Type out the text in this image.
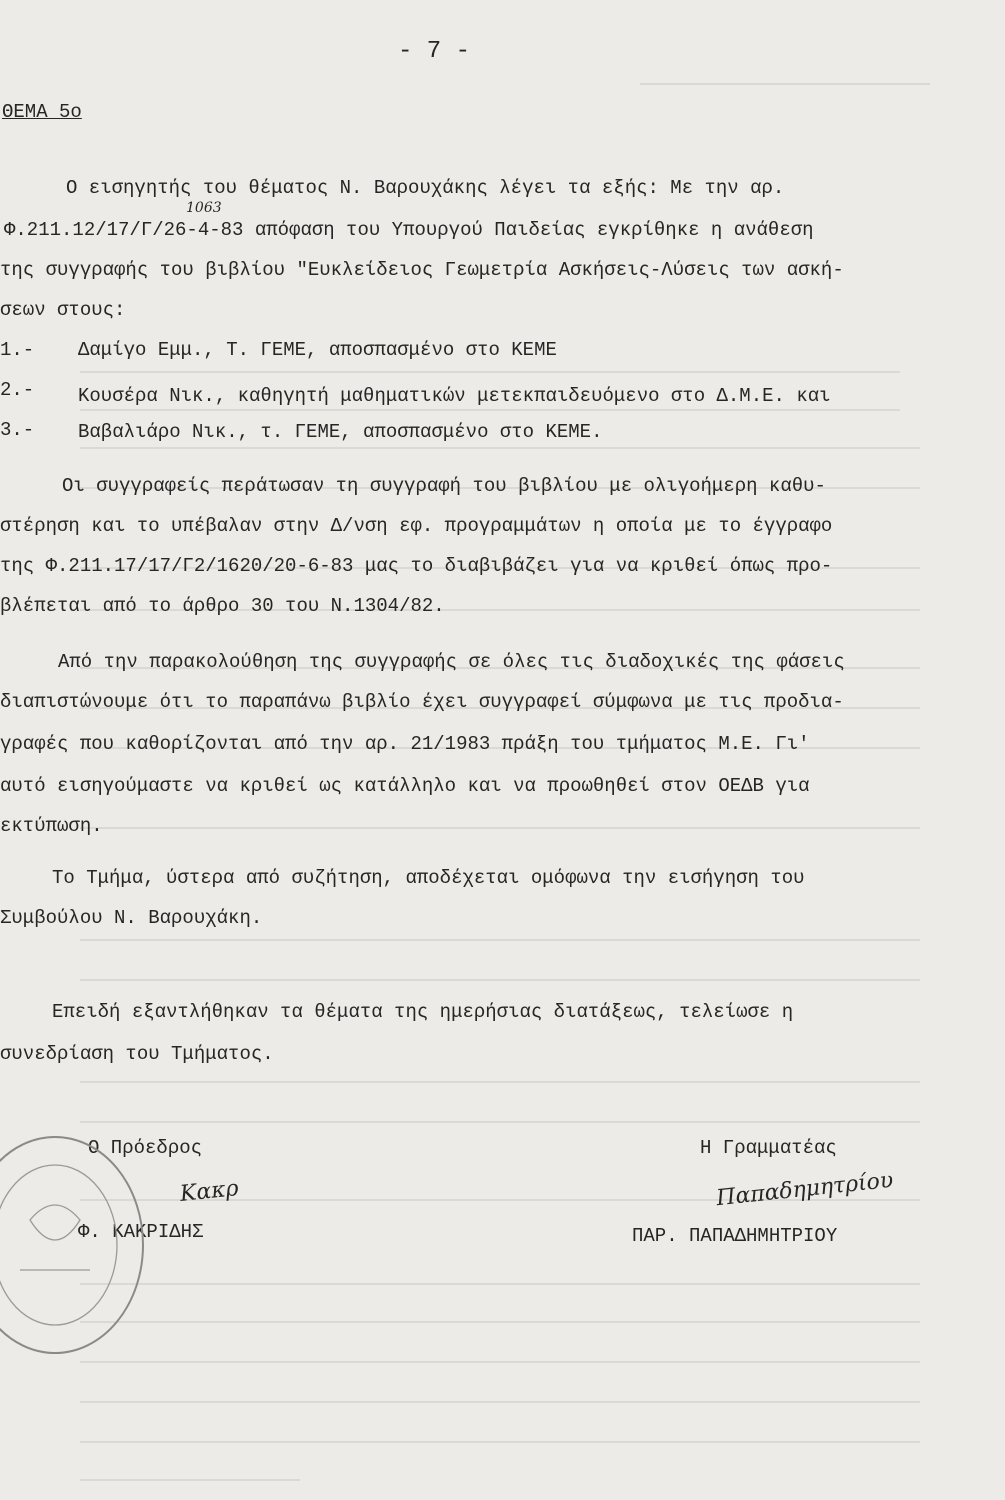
- 7 -
ΘΕΜΑ 5ο
Ο εισηγητής του θέματος Ν. Βαρουχάκης λέγει τα εξής: Με την αρ.
Φ.211.12/17/Γ/26-4-83 απόφαση του Υπουργού Παιδείας εγκρίθηκε η ανάθεση
1063
της συγγραφής του βιβλίου "Ευκλείδειος Γεωμετρία Ασκήσεις-Λύσεις των ασκή-
σεων στους:
1.- Δαμίγο Εμμ., Τ. ΓΕΜΕ, αποσπασμένο στο ΚΕΜΕ
2.- Κουσέρα Νικ., καθηγητή μαθηματικών μετεκπαιδευόμενο στο Δ.Μ.Ε. και
3.- Βαβαλιάρο Νικ., τ. ΓΕΜΕ, αποσπασμένο στο ΚΕΜΕ.
Οι συγγραφείς περάτωσαν τη συγγραφή του βιβλίου με ολιγοήμερη καθυ-
στέρηση και το υπέβαλαν στην Δ/νση εφ. προγραμμάτων η οποία με το έγγραφο
της Φ.211.17/17/Γ2/1620/20-6-83 μας το διαβιβάζει για να κριθεί όπως προ-
βλέπεται από το άρθρο 30 του Ν.1304/82.
Από την παρακολούθηση της συγγραφής σε όλες τις διαδοχικές της φάσεις
διαπιστώνουμε ότι το παραπάνω βιβλίο έχει συγγραφεί σύμφωνα με τις προδια-
γραφές που καθορίζονται από την αρ. 21/1983 πράξη του τμήματος Μ.Ε. Γι'
αυτό εισηγούμαστε να κριθεί ως κατάλληλο και να προωθηθεί στον ΟΕΔΒ για
εκτύπωση.
Το Τμήμα, ύστερα από συζήτηση, αποδέχεται ομόφωνα την εισήγηση του
Συμβούλου Ν. Βαρουχάκη.
Επειδή εξαντλήθηκαν τα θέματα της ημερήσιας διατάξεως, τελείωσε η
συνεδρίαση του Τμήματος.
Ο Πρόεδρος
Κακρ
Φ. ΚΑΚΡΙΔΗΣ
Η Γραμματέας
Παπαδημητρίου
ΠΑΡ. ΠΑΠΑΔΗΜΗΤΡΙΟΥ
